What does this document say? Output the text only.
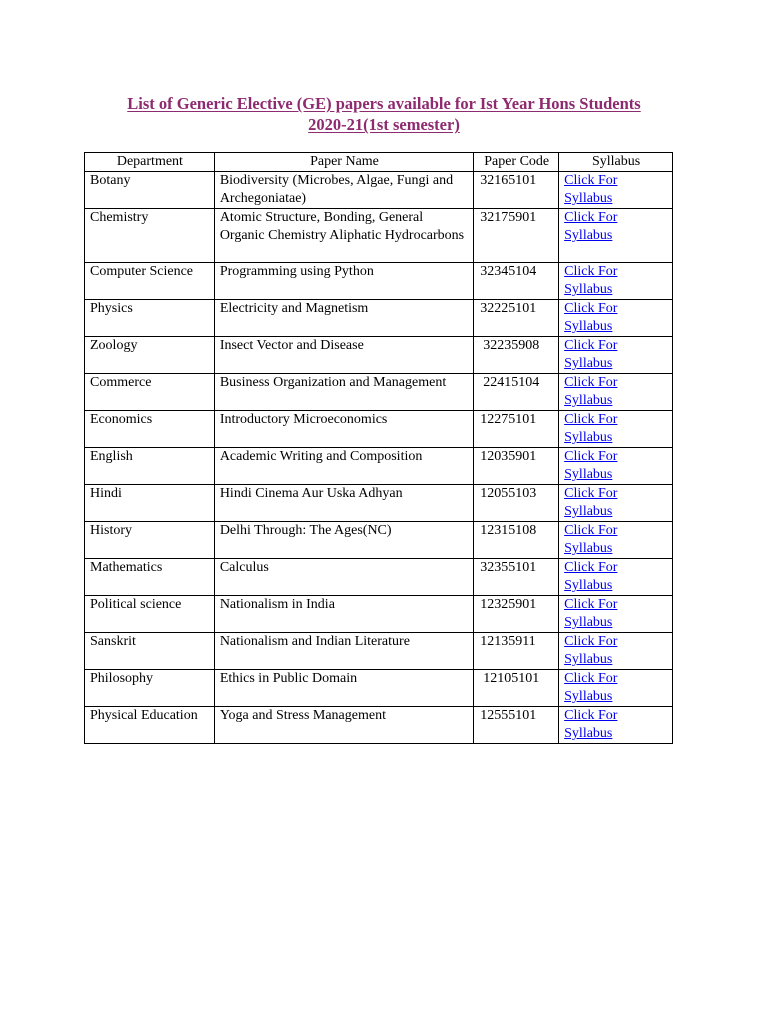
List of Generic Elective (GE) papers available for Ist Year Hons Students
2020-21(1st semester)
Department	Paper Name	Paper Code	Syllabus
Botany	Biodiversity (Microbes, Algae, Fungi and Archegoniatae)	32165101	Click For Syllabus

Chemistry	Atomic Structure, Bonding, General Organic Chemistry Aliphatic Hydrocarbons	32175901	Click For Syllabus

Computer Science	Programming using Python	32345104	Click For Syllabus

Physics	Electricity and Magnetism	32225101	Click For Syllabus

Zoology	Insect Vector and Disease	32235908	Click For Syllabus

Commerce	Business Organization and Management	22415104	Click For Syllabus

Economics	Introductory Microeconomics	12275101	Click For Syllabus

English	Academic Writing and Composition	12035901	Click For Syllabus

Hindi	Hindi Cinema Aur Uska Adhyan	12055103	Click For Syllabus

History	Delhi Through: The Ages(NC)	12315108	Click For Syllabus

Mathematics	Calculus	32355101	Click For Syllabus

Political science	Nationalism in India	12325901	Click For Syllabus

Sanskrit	Nationalism and Indian Literature	12135911	Click For Syllabus

Philosophy	Ethics in Public Domain	12105101	Click For Syllabus

Physical Education	Yoga and Stress Management	12555101	Click For Syllabus
